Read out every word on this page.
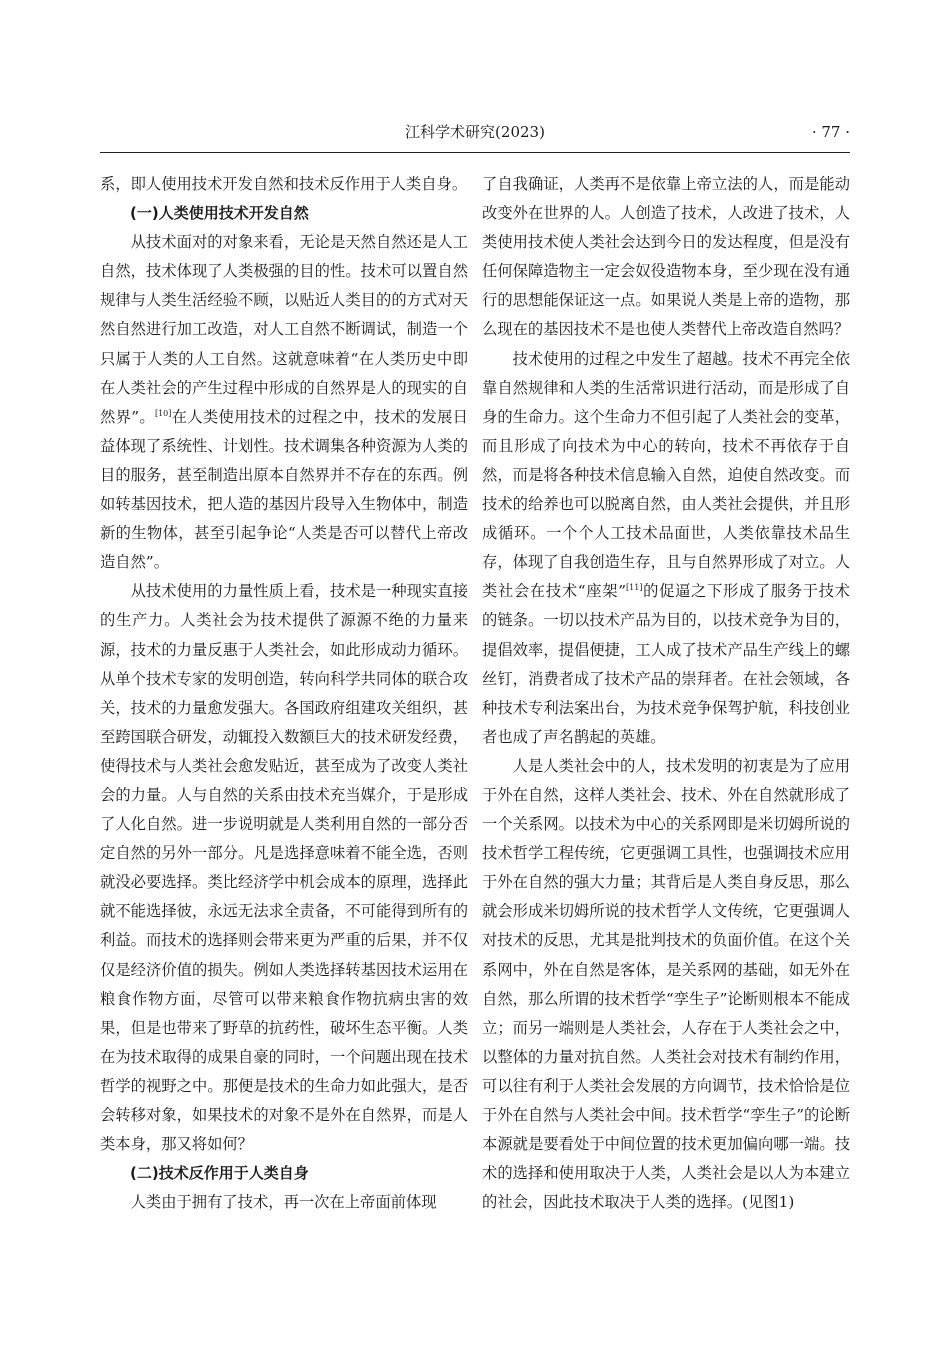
江科学术研究(2023)	· 77 ·

系，即人使用技术开发自然和技术反作用于人类自身。

(一)人类使用技术开发自然

从技术面对的对象来看，无论是天然自然还是人工自然，技术体现了人类极强的目的性。技术可以置自然规律与人类生活经验不顾，以贴近人类目的的方式对天然自然进行加工改造，对人工自然不断调试，制造一个只属于人类的人工自然。这就意味着“在人类历史中即在人类社会的产生过程中形成的自然界是人的现实的自然界”。[10]在人类使用技术的过程之中，技术的发展日益体现了系统性、计划性。技术调集各种资源为人类的目的服务，甚至制造出原本自然界并不存在的东西。例如转基因技术，把人造的基因片段导入生物体中，制造新的生物体，甚至引起争论“人类是否可以替代上帝改造自然”。

从技术使用的力量性质上看，技术是一种现实直接的生产力。人类社会为技术提供了源源不绝的力量来源，技术的力量反惠于人类社会，如此形成动力循环。从单个技术专家的发明创造，转向科学共同体的联合攻关，技术的力量愈发强大。各国政府组建攻关组织，甚至跨国联合研发，动辄投入数额巨大的技术研发经费，使得技术与人类社会愈发贴近，甚至成为了改变人类社会的力量。人与自然的关系由技术充当媒介，于是形成了人化自然。进一步说明就是人类利用自然的一部分否定自然的另外一部分。凡是选择意味着不能全选，否则就没必要选择。类比经济学中机会成本的原理，选择此就不能选择彼，永远无法求全责备，不可能得到所有的利益。而技术的选择则会带来更为严重的后果，并不仅仅是经济价值的损失。例如人类选择转基因技术运用在粮食作物方面，尽管可以带来粮食作物抗病虫害的效果，但是也带来了野草的抗药性，破坏生态平衡。人类在为技术取得的成果自豪的同时，一个问题出现在技术哲学的视野之中。那便是技术的生命力如此强大，是否会转移对象，如果技术的对象不是外在自然界，而是人类本身，那又将如何？

(二)技术反作用于人类自身

人类由于拥有了技术，再一次在上帝面前体现

了自我确证，人类再不是依靠上帝立法的人，而是能动改变外在世界的人。人创造了技术，人改进了技术，人类使用技术使人类社会达到今日的发达程度，但是没有任何保障造物主一定会奴役造物本身，至少现在没有通行的思想能保证这一点。如果说人类是上帝的造物，那么现在的基因技术不是也使人类替代上帝改造自然吗？

技术使用的过程之中发生了超越。技术不再完全依靠自然规律和人类的生活常识进行活动，而是形成了自身的生命力。这个生命力不但引起了人类社会的变革，而且形成了向技术为中心的转向，技术不再依存于自然，而是将各种技术信息输入自然，迫使自然改变。而技术的给养也可以脱离自然，由人类社会提供，并且形成循环。一个个人工技术品面世，人类依靠技术品生存，体现了自我创造生存，且与自然界形成了对立。人类社会在技术“座架”[11]的促逼之下形成了服务于技术的链条。一切以技术产品为目的，以技术竞争为目的，提倡效率，提倡便捷，工人成了技术产品生产线上的螺丝钉，消费者成了技术产品的崇拜者。在社会领域，各种技术专利法案出台，为技术竞争保驾护航，科技创业者也成了声名鹊起的英雄。

人是人类社会中的人，技术发明的初衷是为了应用于外在自然，这样人类社会、技术、外在自然就形成了一个关系网。以技术为中心的关系网即是米切姆所说的技术哲学工程传统，它更强调工具性，也强调技术应用于外在自然的强大力量；其背后是人类自身反思，那么就会形成米切姆所说的技术哲学人文传统，它更强调人对技术的反思，尤其是批判技术的负面价值。在这个关系网中，外在自然是客体，是关系网的基础，如无外在自然，那么所谓的技术哲学“孪生子”论断则根本不能成立；而另一端则是人类社会，人存在于人类社会之中，以整体的力量对抗自然。人类社会对技术有制约作用，可以往有利于人类社会发展的方向调节，技术恰恰是位于外在自然与人类社会中间。技术哲学“孪生子”的论断本源就是要看处于中间位置的技术更加偏向哪一端。技术的选择和使用取决于人类，人类社会是以人为本建立的社会，因此技术取决于人类的选择。(见图1)
